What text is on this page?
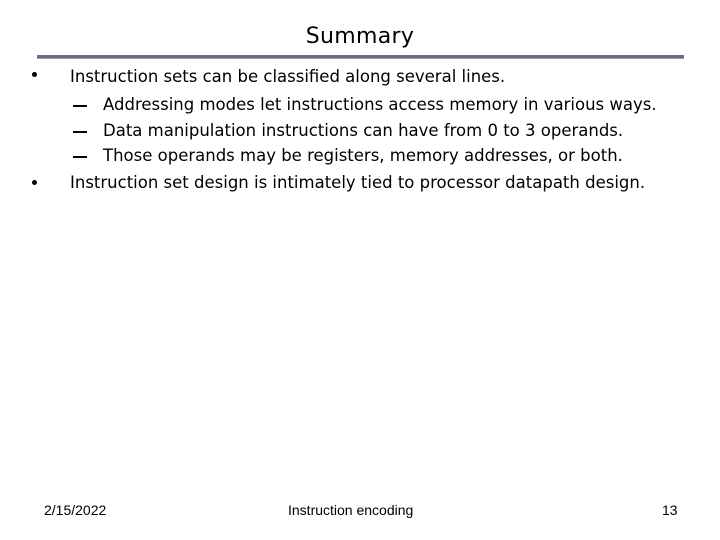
Summary
Instruction sets can be classified along several lines.
Addressing modes let instructions access memory in various ways.
Data manipulation instructions can have from 0 to 3 operands.
Those operands may be registers, memory addresses, or both.
Instruction set design is intimately tied to processor datapath design.
2/15/2022	Instruction encoding	13
